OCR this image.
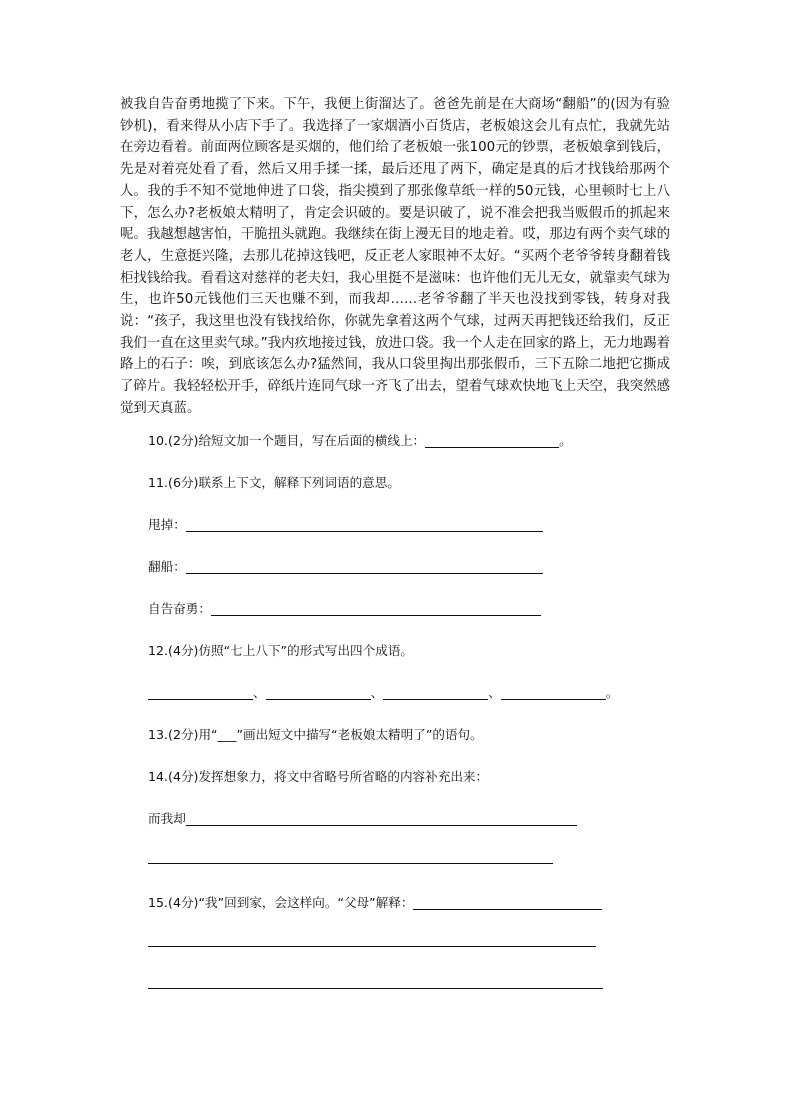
被我自告奋勇地揽了下来。下午，我便上街溜达了。爸爸先前是在大商场“翻船”的(因为有验钞机)，看来得从小店下手了。我选择了一家烟酒小百货店，老板娘这会儿有点忙，我就先站在旁边看着。前面两位顾客是买烟的，他们给了老板娘一张100元的钞票，老板娘拿到钱后，先是对着亮处看了看，然后又用手揉一揉，最后还甩了两下，确定是真的后才找钱给那两个人。我的手不知不觉地伸进了口袋，指尖摸到了那张像草纸一样的50元钱，心里顿时七上八下，怎么办?老板娘太精明了，肯定会识破的。要是识破了，说不准会把我当贩假币的抓起来呢。我越想越害怕，干脆扭头就跑。我继续在街上漫无目的地走着。哎，那边有两个卖气球的老人，生意挺兴隆，去那儿花掉这钱吧，反正老人家眼神不太好。“买两个老爷爷转身翻着钱柜找钱给我。看看这对慈祥的老夫妇，我心里挺不是滋味：也许他们无儿无女，就靠卖气球为生，也许50元钱他们三天也赚不到，而我却……老爷爷翻了半天也没找到零钱，转身对我说：“孩子，我这里也没有钱找给你，你就先拿着这两个气球，过两天再把钱还给我们，反正我们一直在这里卖气球。”我内疚地接过钱，放进口袋。我一个人走在回家的路上，无力地踢着路上的石子：唉，到底该怎么办?猛然间，我从口袋里掏出那张假币，三下五除二地把它撕成了碎片。我轻轻松开手，碎纸片连同气球一齐飞了出去，望着气球欢快地飞上天空，我突然感觉到天真蓝。

10.(2分)给短文加一个题目，写在后面的横线上：	。
11.(6分)联系上下文，解释下列词语的意思。
甩掉：
翻船：
自告奋勇：
12.(4分)仿照“七上八下”的形式写出四个成语。
、	、	、	。
13.(2分)用“___”画出短文中描写“老板娘太精明了”的语句。
14.(4分)发挥想象力，将文中省略号所省略的内容补充出来：
而我却
15.(4分)“我”回到家，会这样向。“父母”解释：
